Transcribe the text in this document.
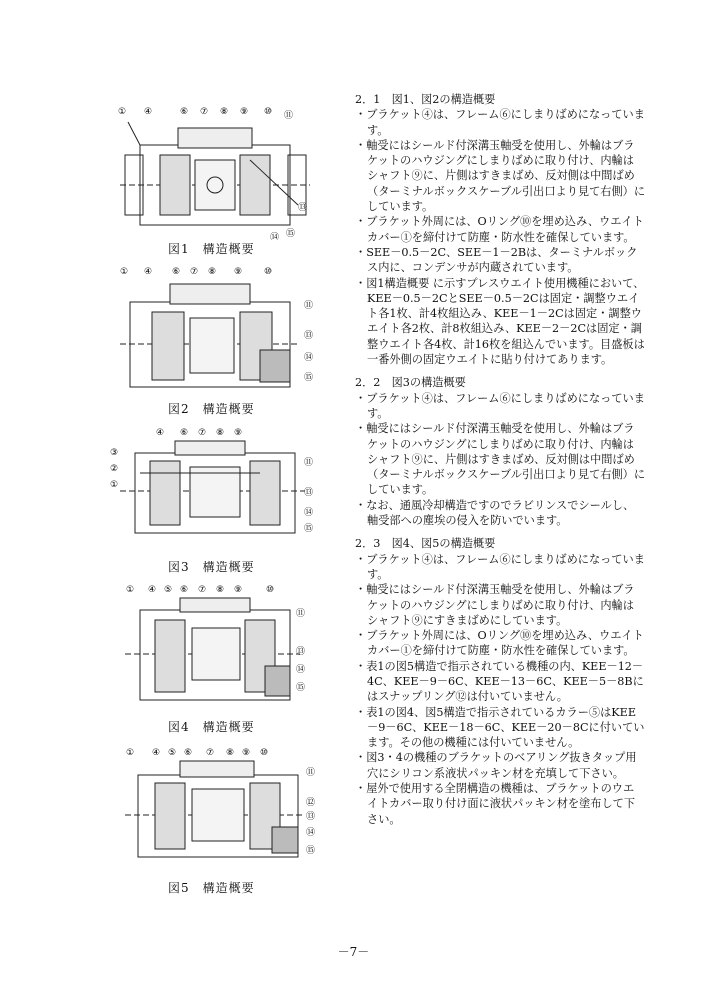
① ④	⑥ ⑦ ⑧ ⑨ ⑩ ⑪
⑬
⑭ ⑮
図1　構造概要
① ④ ⑥ ⑦ ⑧ ⑨ ⑩
⑪
⑬
⑭
⑮
図2　構造概要
④ ⑥ ⑦ ⑧ ⑨
⑪
⑬
⑭
⑮
③
②
①
図3　構造概要
① ④ ⑤ ⑥ ⑦ ⑧ ⑨	⑩
⑪
⑬
⑭
⑮
図4　構造概要
① ④ ⑤ ⑥ ⑦ ⑧ ⑨ ⑩
⑪
⑫
⑬
⑭
⑮
図5　構造概要
2．1　図1、図2の構造概要
・ ブラケット④は、フレーム⑥にしまりばめになっています。
・ 軸受にはシールド付深溝玉軸受を使用し、外輪はブラケットのハウジングにしまりばめに取り付け、内輪はシャフト⑨に、片側はすきまばめ、反対側は中間ばめ（ターミナルボックスケーブル引出口より見て右側）にしています。
・ ブラケット外周には、Oリング⑩を埋め込み、ウエイトカバー①を締付けて防塵・防水性を確保しています。
・ SEE－0.5－2C、SEE－1－2Bは、ターミナルボックス内に、コンデンサが内蔵されています。
・ 図1構造概要 に示すプレスウエイト使用機種において、KEE－0.5－2CとSEE－0.5－2Cは固定・調整ウエイト各1枚、計4枚組込み、KEE－1－2Cは固定・調整ウエイト各2枚、計8枚組込み、KEE－2－2Cは固定・調整ウエイト各4枚、計16枚を組込んでいます。目盛板は一番外側の固定ウエイトに貼り付けてあります。
2．2　図3の構造概要
・ ブラケット④は、フレーム⑥にしまりばめになっています。
・ 軸受にはシールド付深溝玉軸受を使用し、外輪はブラケットのハウジングにしまりばめに取り付け、内輪はシャフト⑨に、片側はすきまばめ、反対側は中間ばめ（ターミナルボックスケーブル引出口より見て右側）にしています。
・ なお、通風冷却構造ですのでラビリンスでシールし、軸受部への塵埃の侵入を防いでいます。
2．3　図4、図5の構造概要
・ ブラケット④は、フレーム⑥にしまりばめになっています。
・ 軸受にはシールド付深溝玉軸受を使用し、外輪はブラケットのハウジングにしまりばめに取り付け、内輪はシャフト⑨にすきまばめにしています。
・ ブラケット外周には、Oリング⑩を埋め込み、ウエイトカバー①を締付けて防塵・防水性を確保しています。
・ 表1の図5構造で指示されている機種の内、KEE－12－4C、KEE－9－6C、KEE－13－6C、KEE－5－8Bにはスナップリング⑫は付いていません。
・ 表1の図4、図5構造で指示されているカラー⑤はKEE－9－6C、KEE－18－6C、KEE－20－8Cに付いています。その他の機種には付いていません。
・ 図3・4の機種のブラケットのベアリング抜きタップ用穴にシリコン系液状パッキン材を充填して下さい。
・ 屋外で使用する全閉構造の機種は、ブラケットのウエイトカバー取り付け面に液状パッキン材を塗布して下さい。
－7－
